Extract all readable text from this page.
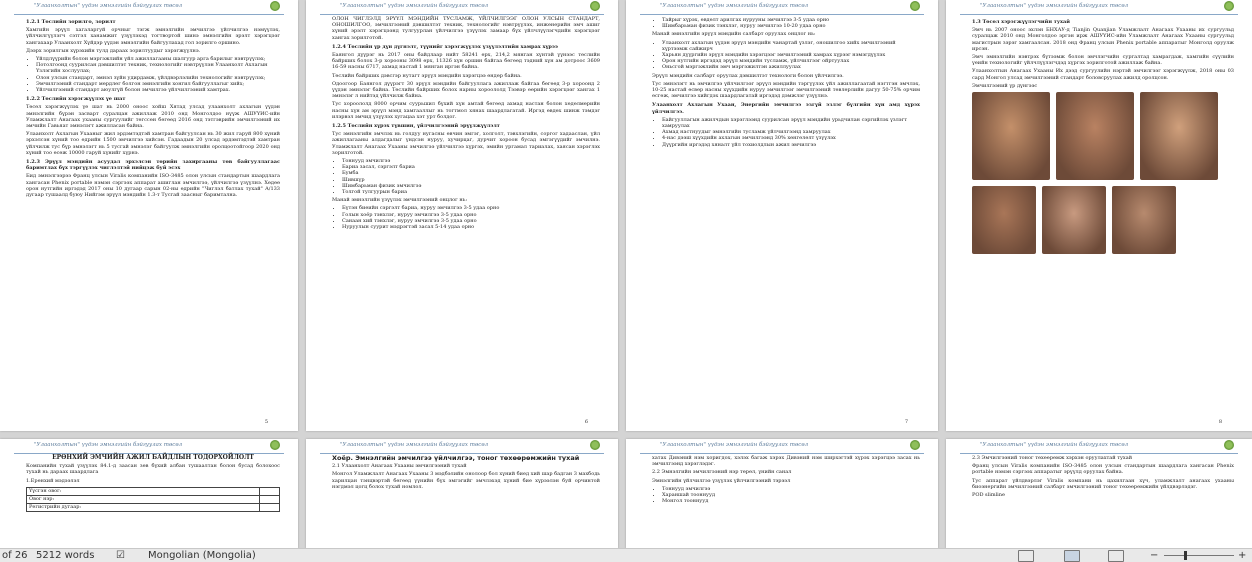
"Улаанхолтын" үүдэн эмнэлгийн бэйгуулах төсөл

1.2.1 Төслийн зорилго, зорилт

Хамгийн эрүүл хагаларгуй орчныг тэгж эмнэлгийн эмчилгээ үйлчилгээ нэмүүлэх, үйлчилгүүлэгч сэтгэл ханамжит үзүүлэхэд тогтвортой шинэ эмнэлгийн эрэлт хэрэгцээг хангахаар Улаанхолт Хүйдэр үүдэн эмнэлгийн байгуулахад гол зорилго оршино.

Дээрх зорилгын хүрэхийн тулд дараах зорилтуудыг хэрэгжүүлнэ.

• Үйлдлүүрийн болон мэргэжлийн үйл ажиллагааны шалгуур арга барилыг нэвтрүүлэх;
• Потолгоонд суурилсан дэвшилтэт техник, технологийг нэвтрүүлэн Улаанхолт Ахлагын Үзлэгийн хослуулах;
• Олон улсын стандарт, эмнэл зүйн удирдамж, үйлдвэрлэлийн технологийг нэвтрүүлэх;
• Эмчилгээний стандарт мөрдлөг болгон эмнэлгийн хонгил байгууллагыг хийх;
• Үйлчилгээний стандарт аюулгүй болон эмчилгээ үйлчилгээний хамтрах.

1.2.2 Төслийн хэрэгжүүлэх үе шат

Төсөл хэрэгжүүлэх үе шат нь 2000 оноос хойш Хятад улсад улаанхолт ахлагын үүдэн эмнэлгийн бүрэн засварт суралцан ажиллаж 2010 онд Монголдоо нүүж АШУҮИС-ийн Уламжлалт Анагаах ухааны сургуулийг төгссөн бөгөөд 2016 онд тэтгэврийн эмчилгээний их эмчийн Гавьяат эмнэлэгт ажилласан байна.

Улаанхолт Ахлагын Ухааныг жил эрдэмтэдтэй хамтран байгуулсан нь 30 жил гаруй 800 хүний эрхэлсэн хүний тоо өдрийн 1500 эмчилгээ хийсэн. Гадаадын 20 улсад эрдэмтэдтэй хамтран үйлчилж тус бүр эмнэлэгт нь 5 тусгай эмнэлэг байгуулж эмнэлгийн оролцоотойгоор 2020 онд хүний тоо өсөж 10000 гаруй хүнийг хүрнэ.

1.2.3 Эрүүл мэндийн асуудал эрхэлсэн төрийн захиргааны төв байгууллагаас баримтлах бүх тэргүүлэх чиглэлтэй нийцэж буй эсэх

Бид эмнэлгээрээ Франц улсын Viralis компанийн ISO-3485 олон улсын стандартын шаардлага хангасан Phenix portable нэмэн сэргээх аппарат ашиглан эмчилгээ, үйлчилгээ үзүүлнэ. Хөдөө орон нутгийн иргэдэд 2017 оны 10 дугаар сарын 02-ны өдрийн "Чиглэл батлах тухай" A/133 дугаар тушаалд буюу Нийгэм эрүүл мэндийн 1.3-т Тусгай заасныг баримтална.

5
"Улаанхолтын" үүдэн эмнэлгийн бэйгуулах төсөл

ОЛОН ЧИГЛЭЛД ЭРҮҮЛ МЭНДИЙН ТУСЛАМЖ, ҮЙЛЧИЛГЭЭГ ОЛОН УЛСЫН СТАНДАРТ, ОНОШИЛГОО, эмчилгээний дэвшилтэт техник, технологийг нэвтрүүлэх, инженерийн эмч ашиг хүний эрэлт хэрэгцээнд тулгуурлан үйлчилгээ үзүүлэх замаар бүх үйлчлүүлэгчдийн хэрэгцээг хангах зорилготой.

1.2.4 Төслийн үр дүн дүгнэлт, түүнийг хэрэгжүүлэх үзүүлэлтийн хамрах хүрээ

Баянгол дүүрэг нь 2017 оны байдлаар нийт 58241 өрх, 214,2 мянган хүнтэй үүнээс төслийн байрших болох 3-р хорооны 3098 өрх, 11326 хүн оршин байгаа бөгөөд тэдний хүн ам дотроос 3609 16-59 насны 6717, ахмад настай 1 мянган иргэн байна.

Төслийн байрших дэвсгэр нутагт эрүүл мэндийн хэрэгцээ өндөр байна.

Одоогоор Баянгол дүүрэгт 30 эрүүл мэндийн байгууллага ажиллаж байгаа бөгөөд 3-р хороонд 2 үүдэн эмнэлэг байна. Төслийн байрших болох нарны хороололд Тээвэр өөрийн хэрэгцээг хангах 1 эмнэлэг л нийтэд үйлчилж байна.

Тус хороололд 8000 орчим суурьшил бүхий хүн амтай бөгөөд ахмад настан болон хөдөлмөрийн насны хүн ам эрүүл мэнд хамгааллыг нь тогтмол хянах шаардлагатай. Иргэд өвдөх шинж тэмдэг илэрвэл эмчид үзүүлэх хугацаа хэт урт болдог.

1.2.5 Төслийн хүрэх түвшин, үйлчилгээний эрүүлжүүлэлт

Тус эмнэлгийн эмчлэх нь голдуу нугасны өвчин эмгэг, холголт, тэвхлэгийн, соргог хадааслан, үйл ажиллагааны алдагдалыг үндсэн нуруу, хучирцаг, дурчит хороон бусад эмгэгүүдийг эмчилнэ. Уламжлалт Анагаах Ухааны эмчилгээ үйлчилгээ хүргэх, эмийн ургамал тариалах, хаясан хэрэглэх зорилготой.

• Тоннууд эмчилгээ
• Бариа засал, сэргэлт бариа
• Бумба
• Шившүр
• Шимбарьман физик эмчилгээ
• Толгой тулгуурын бариа

Манай эмнэлгийн үзүүлэх эмчилгээний онцлог нь:

• Бүтэн биеийн сэргэлт бариа, нуруу эмчилгээ 3-5 удаа орно
• Голын хоёр тэнхлэг, нуруу эмчилгээ 3-5 удаа орно
• Санаан хий тэнхлэг, нуруу эмчилгээ 3-5 удаа орно
• Нуруулын суурит мэдрэгтэй засал 5-14 удаа орно
6
"Улаанхолтын" үүдэн эмнэлгийн бэйгуулах төсөл
• Тайрыг хүрэх, өвдөлт арилгах нурууны эмчилгээ 3-5 удаа орно
• Шимбарьман физик тэнхлэг, нуруу эмчилгээ 10-20 удаа орно

Манай эмнэлгийн эрүүл мэндийн салбарт оруулах онцлог нь:

• Улаанхолт ахлагын үүдэн эрүүл мэндийн чанартай үзлэг, оношилгоо хийх эмчилгээний хүртээмж сайжирч
• Харьян дүүргийн эрүүл мэндийн хэрэгцээг эмчилгээний хамрах хүрээг нэмэгдүүлэх
• Орон нутгийн иргэдэд эрүүл мэндийн тусламж, үйлчилгээг ойртуулах
• Оньсгой мэргэжлийн эмч мэргэжилтэн ажиллуулах

Эрүүл мэндийн салбарт оруулах дэвшилтэт технологи болон үйлчилгээ.

Тус эмнэлэгт нь эмчилгээ үйлчилгээг эрүүл мэндийн тэргүүлэх үйл ажиллагаатай нэгтгэн эмчлэх, 10-25 настай өсвөр насны хүүхдийн нуруу эмчилгээг эмчилгээний төвлөрлийн дагуу 50-75% орчим өсгөж, эмчилгээ хийгдэх шаардлагатай иргэдэд дэмжлэг үзүүлнэ.

Улаанхолт Ахлагын Ухаан, Энергийн эмчилгээ эзгүй эзлэг бүлгийн хүн амд хүрэх үйлчилгээ.

• Байгууллагын ажилчдын хэрэглээнд суурилсан эрүүл мэндийн урьдчилан сэргийлэх үзлэгт хамруулах
• Ахмад настнуудыг эмнэлгийн тусламж үйлчилгээнд хамруулах
• 4-нас дээш хүүхдийн ахлагын эмчилгээнд 30% хөнгөлөлт үзүүлэх
• Дүүргийн иргэдэд хяналт үйл тохиолдлын ажил эмчилгээ
7
"Улаанхолтын" үүдэн эмнэлгийн бэйгуулах төсөл

1.3 Төсөл хэрэгжүүлэгчийн тухай

Эмч нь 2007 оноос эхлэн БНХАУ-д Tianjin Quanjian Уламжлалт Анагаах Ухааны их сургуульд суралцаж 2010 онд Монголдоо эргэн ирж АШУҮИС-ийн Уламжлалт Анагаах Ухааны сургуульд магистрын зэрэг хамгаалсан. 2018 онд Франц улсын Phenix portable аппаратыг Монголд оруулж ирсэн.

Эмч эмнэлгийн нэвтрэх бүтээмж болон эмчлэгчийн сургалтад хамрагдаж, хамгийн сүүлийн үеийн технологийг үйлчлүүлэгчдэд хүргэх зорилготой ажиллаж байна.

Улаанхолтын Анагаах Ухааны Их дээд сургуулийн нэртэй эмчилгээг хэрэгжүүлж, 2018 оны 03 сард Монгол улсад эмчилгээний стандарт боловсруулах ажилд оролцсон.

Эмчилгээний үр дүнгээс

8
"Улаанхолтын" үүдэн эмнэлгийн бэйгуулах төсөл

ЕРӨНХИЙ ЭМЧИЙН АЖИЛ БАЙДЛЫН ТОДОРХОЙЛОЛТ

Компанийн тухай үзүүлэх 84.1-д заасан зөв бүхий албан тушаалтан болон бусад болохоос тухай нь дараах шаардлага

1.Ерөнхий мэдээлэл

Үүсгэн овог:	
Овог нэр:	
Регистрийн дугаар:	
"Улаанхолтын" үүдэн эмнэлгийн бэйгуулах төсөл

Хоёр. Эмнэлгийн эмчилгээ үйлчилгээ, тоног төхөөрөмжийн тухай

2.1 Улаанхолт Анагаах Ухааны эмчилгээний тухай

Монгол Уламжлалт Анагаах Ухааны 3 мэдбэлийн онолоор бол хүний биед хий шар бадган 3 махбодь харилцан тэнцвэртэй бөгөөд үүнийн бүх эмгэгийг эмчлэхэд хүний бие хүрээлэн буй орчинтой нэгдмэл цогц болох тухай номлол.

"Улаанхолтын" үүдэн эмнэлгийн бэйгуулах төсөл

хатах Дивэний нэм хоригдох, хэлэх багаж хэрэх Дивэний нэм ширхэгтэй хүрэх хэрэгцээ засах нь эмчилгээнд хэрэглэдэг.

2.2 Эмнэлгийн эмчилгээний нэр төрөл, үнийн санал

Эмнэлгийн үйлчилгээ үзүүлэх үйлчилгээний тэрээл

• Тоннууд эмчилгээ
• Хараншай тооннууд
• Монгол тооннууд
"Улаанхолтын" үүдэн эмнэлгийн бэйгуулах төсөл

2.3 Эмчилгээний тоног төхөөрөмж хэрхэн оруулахтай тухай

Франц улсын Viralis компанийн ISO-3485 олон улсын стандартын шаардлага хангасан Phenix portable нэмэн сэргээх аппаратыг эрүүлд оруулах байна.

Тус аппарат үйлдвэрлэг Viralis компани нь цахилгаан хүч, уламжлалт анагаах ухааны биоэнергийн эмчилгээний салбарт эмчилгээний тоног төхөөрөмжийн үйлдвэрлэдэг.

POD slimline

of 26 5212 words ☑ Mongolian (Mongolia)	−	+
